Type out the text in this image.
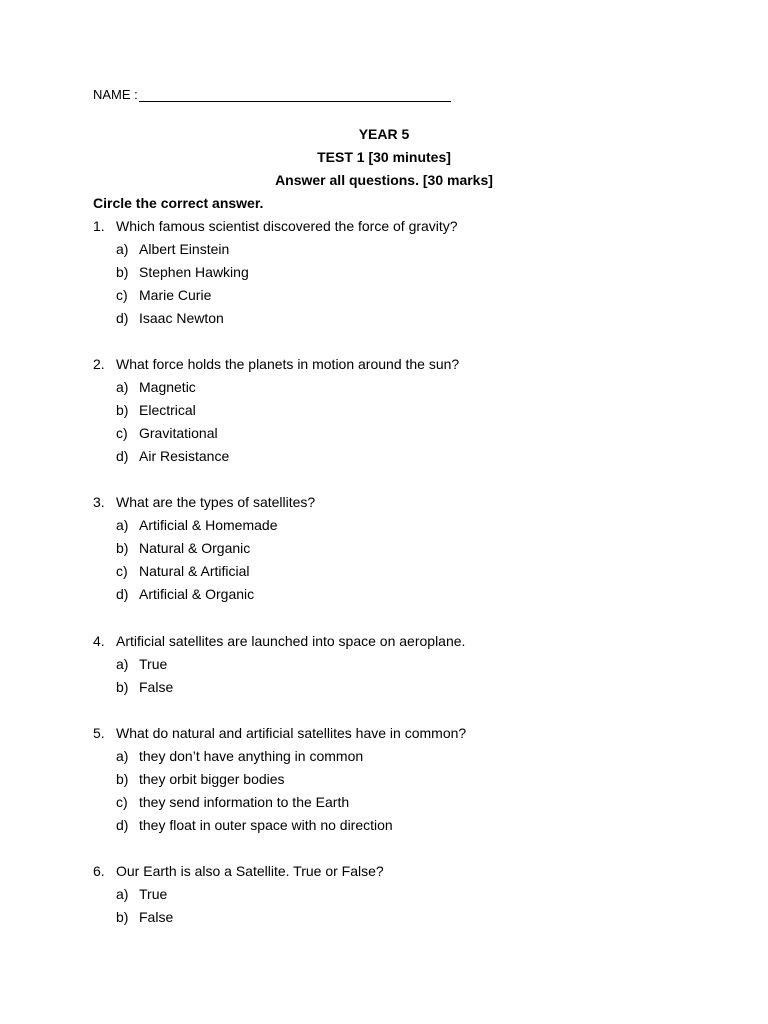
NAME :
YEAR 5
TEST 1 [30 minutes]
Answer all questions. [30 marks]
Circle the correct answer.
1. Which famous scientist discovered the force of gravity?
a) Albert Einstein
b) Stephen Hawking
c) Marie Curie
d) Isaac Newton
2. What force holds the planets in motion around the sun?
a) Magnetic
b) Electrical
c) Gravitational
d) Air Resistance
3. What are the types of satellites?
a) Artificial & Homemade
b) Natural & Organic
c) Natural & Artificial
d) Artificial & Organic
4. Artificial satellites are launched into space on aeroplane.
a) True
b) False
5. What do natural and artificial satellites have in common?
a) they don’t have anything in common
b) they orbit bigger bodies
c) they send information to the Earth
d) they float in outer space with no direction
6. Our Earth is also a Satellite. True or False?
a) True
b) False
